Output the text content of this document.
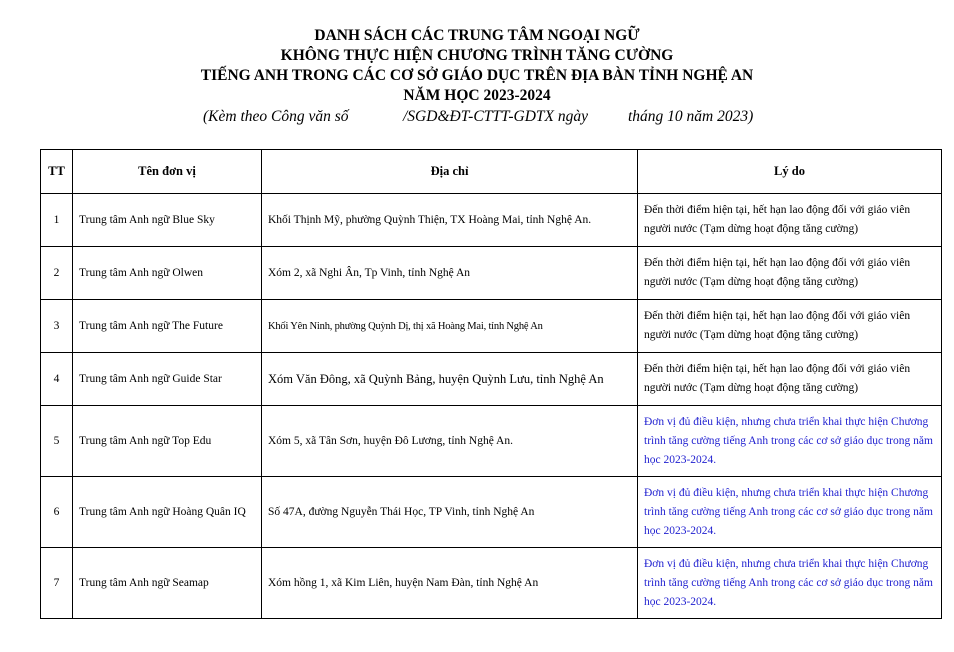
DANH SÁCH CÁC TRUNG TÂM NGOẠI NGỮ
KHÔNG THỰC HIỆN CHƯƠNG TRÌNH TĂNG CƯỜNG
TIẾNG ANH TRONG CÁC CƠ SỞ GIÁO DỤC TRÊN ĐỊA BÀN TỈNH NGHỆ AN
NĂM HỌC 2023-2024
(Kèm theo Công văn số	/SGD&ĐT-CTTT-GDTX ngày	tháng 10 năm 2023)
TT	Tên đơn vị	Địa chỉ	Lý do
1	Trung tâm Anh ngữ Blue Sky	Khối Thịnh Mỹ, phường Quỳnh Thiện, TX Hoàng Mai, tỉnh Nghệ An.	Đến thời điểm hiện tại, hết hạn lao động đối với giáo viên người nước (Tạm dừng hoạt động tăng cường)
2	Trung tâm Anh ngữ Olwen	Xóm 2, xã Nghi Ân, Tp Vinh, tỉnh Nghệ An	Đến thời điểm hiện tại, hết hạn lao động đối với giáo viên người nước (Tạm dừng hoạt động tăng cường)
3	Trung tâm Anh ngữ The Future	Khối Yên Ninh, phường Quỳnh Dị, thị xã Hoàng Mai, tỉnh Nghệ An	Đến thời điểm hiện tại, hết hạn lao động đối với giáo viên người nước (Tạm dừng hoạt động tăng cường)
4	Trung tâm Anh ngữ Guide Star	Xóm Văn Đông, xã Quỳnh Bảng, huyện Quỳnh Lưu, tỉnh Nghệ An	Đến thời điểm hiện tại, hết hạn lao động đối với giáo viên người nước (Tạm dừng hoạt động tăng cường)
5	Trung tâm Anh ngữ Top Edu	Xóm 5, xã Tân Sơn, huyện Đô Lương, tỉnh Nghệ An.	Đơn vị đủ điều kiện, nhưng chưa triển khai thực hiện Chương trình tăng cường tiếng Anh trong các cơ sở giáo dục trong năm học 2023-2024.
6	Trung tâm Anh ngữ Hoàng Quân IQ	Số 47A, đường Nguyễn Thái Học, TP Vinh, tỉnh Nghệ An	Đơn vị đủ điều kiện, nhưng chưa triển khai thực hiện Chương trình tăng cường tiếng Anh trong các cơ sở giáo dục trong năm học 2023-2024.
7	Trung tâm Anh ngữ Seamap	Xóm hồng 1, xã Kim Liên, huyện Nam Đàn, tỉnh Nghệ An	Đơn vị đủ điều kiện, nhưng chưa triển khai thực hiện Chương trình tăng cường tiếng Anh trong các cơ sở giáo dục trong năm học 2023-2024.
